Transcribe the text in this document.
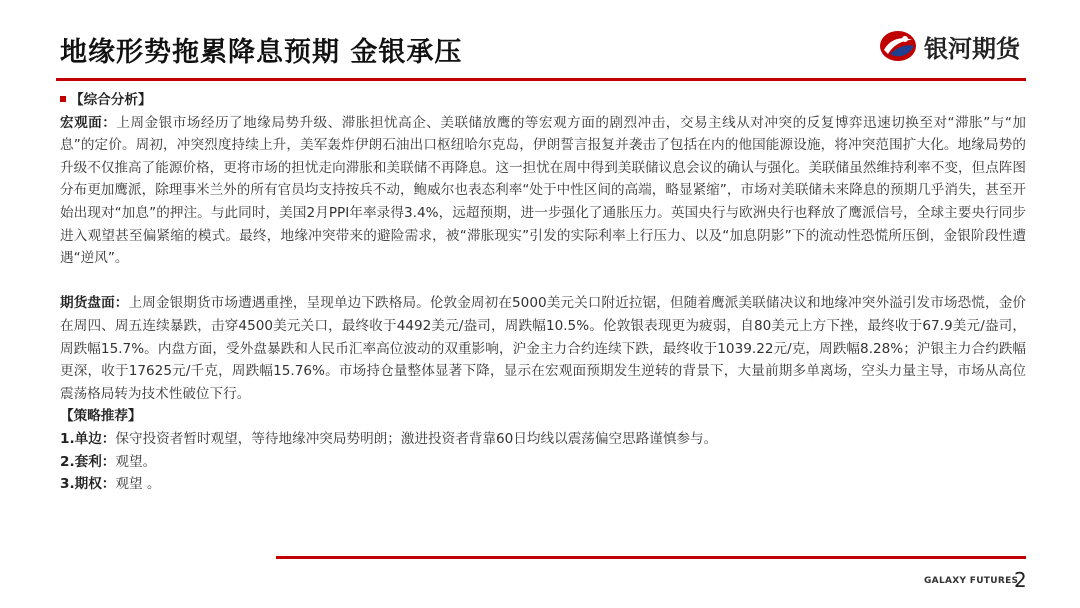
地缘形势拖累降息预期 金银承压	银河期货
【综合分析】

宏观面：上周金银市场经历了地缘局势升级、滞胀担忧高企、美联储放鹰的等宏观方面的剧烈冲击，交易主线从对冲突的反复博弈迅速切换至对“滞胀”与“加息”的定价。周初，冲突烈度持续上升，美军轰炸伊朗石油出口枢纽哈尔克岛，伊朗誓言报复并袭击了包括在内的他国能源设施，将冲突范围扩大化。地缘局势的升级不仅推高了能源价格，更将市场的担忧走向滞胀和美联储不再降息。这一担忧在周中得到美联储议息会议的确认与强化。美联储虽然维持利率不变，但点阵图分布更加鹰派，除理事米兰外的所有官员均支持按兵不动，鲍威尔也表态利率“处于中性区间的高端，略显紧缩”，市场对美联储未来降息的预期几乎消失，甚至开始出现对“加息”的押注。与此同时，美国2月PPI年率录得3.4%，远超预期，进一步强化了通胀压力。英国央行与欧洲央行也释放了鹰派信号，全球主要央行同步进入观望甚至偏紧缩的模式。最终，地缘冲突带来的避险需求，被“滞胀现实”引发的实际利率上行压力、以及“加息阴影”下的流动性恐慌所压倒，金银阶段性遭遇“逆风”。

期货盘面：上周金银期货市场遭遇重挫，呈现单边下跌格局。伦敦金周初在5000美元关口附近拉锯，但随着鹰派美联储决议和地缘冲突外溢引发市场恐慌，金价在周四、周五连续暴跌，击穿4500美元关口，最终收于4492美元/盎司，周跌幅10.5%。伦敦银表现更为疲弱，自80美元上方下挫，最终收于67.9美元/盎司，周跌幅15.7%。内盘方面，受外盘暴跌和人民币汇率高位波动的双重影响，沪金主力合约连续下跌，最终收于1039.22元/克，周跌幅8.28%；沪银主力合约跌幅更深，收于17625元/千克，周跌幅15.76%。市场持仓量整体显著下降，显示在宏观面预期发生逆转的背景下，大量前期多单离场，空头力量主导，市场从高位震荡格局转为技术性破位下行。

【策略推荐】

1.单边：保守投资者暂时观望，等待地缘冲突局势明朗；激进投资者背靠60日均线以震荡偏空思路谨慎参与。

2.套利：观望。

3.期权：观望 。

GALAXY FUTURES
2
